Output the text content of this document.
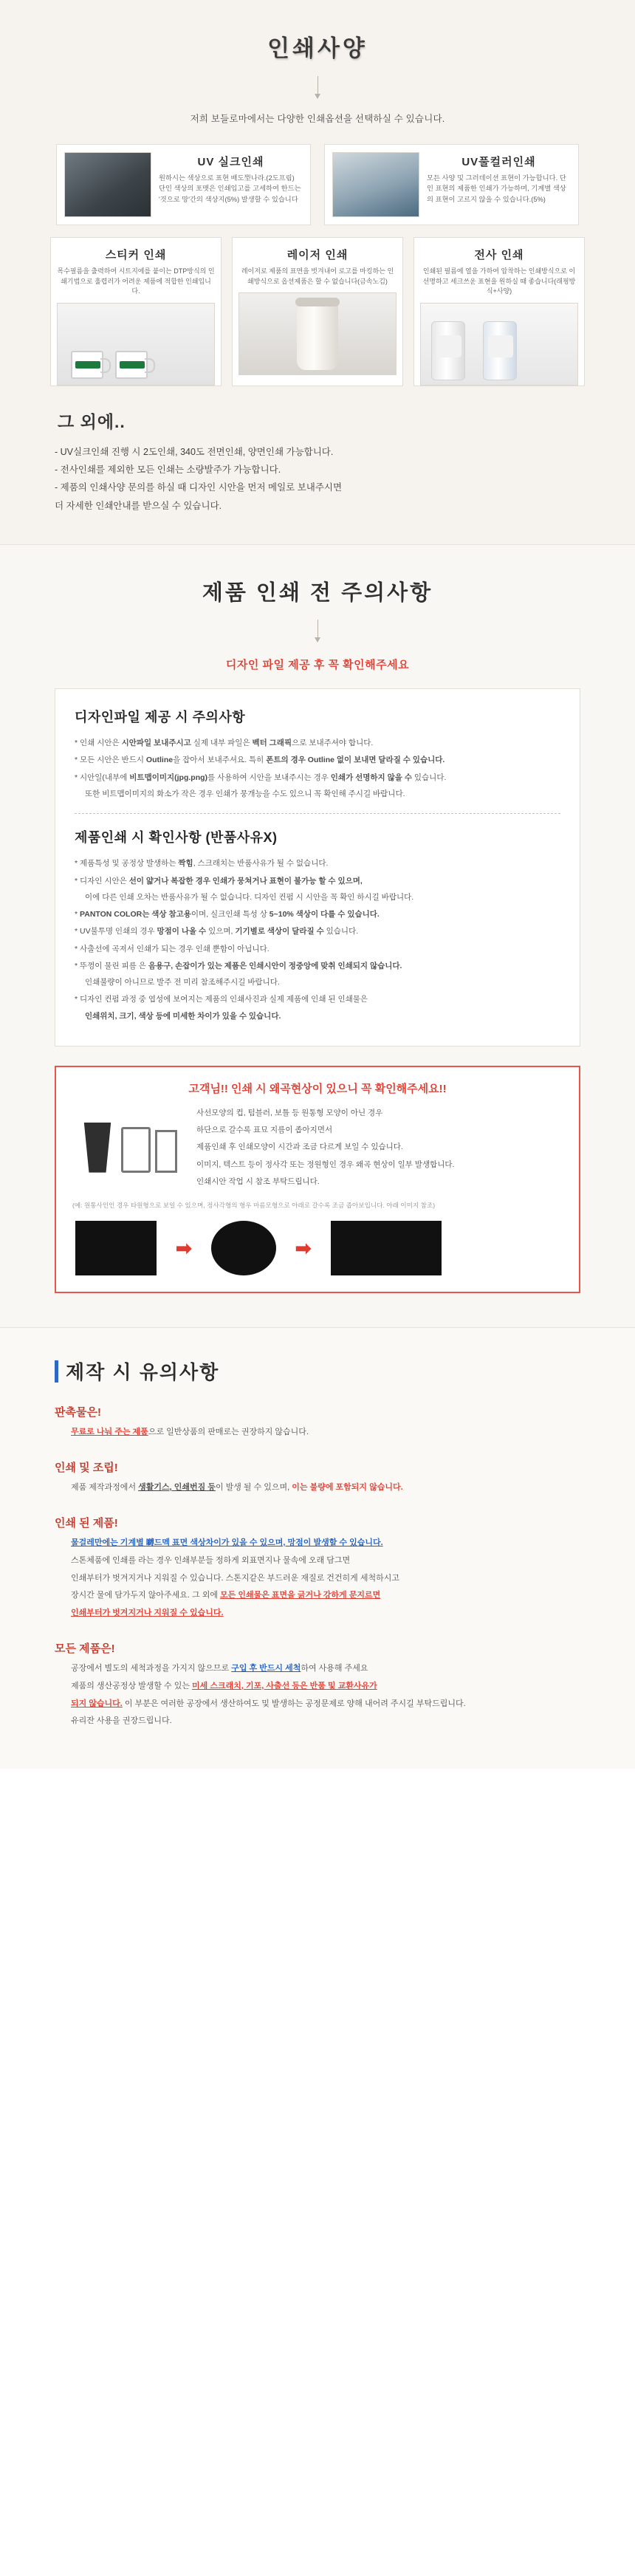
인쇄사양
저희 보들로마에서는 다양한 인쇄옵션을 선택하실 수 있습니다.
UV 실크인쇄

원하시는 색상으로 표현 배도型나라.(2도프림) 단인 색상의 포맷은 인쇄입고를 고세하여 한드는 '것으로 망'간의 색상지(5%) 발생할 수 있습니다

UV풀컬러인쇄

모든 사양 및 그러데이션 표현이 가능합니다. 단인 표현의 제품한 인쇄가 가능하며, 기계별 색상의 표현이 고르지 않을 수 있습니다.(5%)

스티커 인쇄

목수필름을 출력하여 시트지에를 붙이는 DTP방식의 인쇄기법으로 훌렵러가 어려운 제품에 적합한 인쇄입니다.

레이저 인쇄

레이저로 제품의 표면을 벗겨내어 로고를 마킹하는 인쇄방식으로 옵션제품은 할 수 없습니다(금속노김)

전사 인쇄

인쇄된 필름에 열을 가하여 압착하는 인쇄방식으로 이 선명하고 세크쓰운 표현을 원하실 때 좋습니다(래핑방식+사양)

그 외에..
- UV실크인쇄 진행 시 2도인쇄, 340도 전면인쇄, 양면인쇄 가능합니다.
- 전사인쇄를 제외한 모든 인쇄는 소량발주가 가능합니다.
- 제품의 인쇄사양 문의를 하실 때 디자인 시안을 먼저 메일로 보내주시면
더 자세한 인쇄안내를 받으실 수 있습니다.
제품 인쇄 전 주의사항
디자인 파일 제공 후 꼭 확인해주세요
디자인파일 제공 시 주의사항

* 인쇄 시안은 시안파일 보내주시고 실제 내부 파일은 벡터 그래픽으로 보내주셔야 합니다.

* 모든 시안은 반드시 Outline을 잡아서 보내주셔요. 특히 폰트의 경우 Outline 없이 보내면 달라질 수 있습니다.

* 시안일(내부에 비트맵이미지(jpg.png)를 사용하여 시안을 보내주시는 경우 인쇄가 선명하지 않을 수 있습니다.

또한 비트맵이미지의 화소가 작은 경우 인쇄가 뭉개능을 수도 있으니 꼭 확인해 주시길 바랍니다.

제품인쇄 시 확인사항 (반품사유X)

* 제품특성 및 공정상 발생하는 짝힘, 스크래치는 반품사유가 될 수 없습니다.

* 디자인 시안은 선이 얇거나 복잡한 경우 인쇄가 뭉쳐거나 표현이 불가능 할 수 있으며,

이에 다른 인쇄 오차는 반품사유가 될 수 없습니다. 디자인 컨펌 시 시안을 꼭 확인 하시길 바랍니다.

* PANTON COLOR는 색상 참고용이며, 실크인쇄 특성 상 5~10% 색상이 다를 수 있습니다.

* UV불투명 인쇄의 경우 망점이 나올 수 있으며, 기기별로 색상이 달라질 수 있습니다.

* 사출선에 곡져서 인쇄가 되는 경우 인쇄 뿐함이 아닙니다.

* 뚜껑이 물린 피름 은 음용구, 손잡이가 있는 제품은 인쇄시안이 정중앙에 맞취 인쇄되지 않습니다.

인쇄불량이 아니므로 발주 전 미리 참조해주시길 바랍니다.

* 디자인 컨펌 과정 중 엽성에 보여지는 제품의 인쇄사진과 실제 제품에 인쇄 된 인쇄물은

인쇄위치, 크기, 색상 등에 미세한 차이가 있을 수 있습니다.

고객님!! 인쇄 시 왜곡현상이 있으니 꼭 확인해주세요!!

사선모양의 컵, 텀블러, 보틀 등 원통형 모양이 아닌 경우

하단으로 갈수록 표묘 지름이 좁아지면서

제품인쇄 후 인쇄모양이 시간과 조금 다르게 보일 수 있습니다.

이미지, 텍스트 등이 정사각 또는 정원형인 경우 왜곡 현상이 일부 발생합니다.

인쇄시안 작업 시 참조 부탁드립니다.

(예: 원통사인인 경우 타원형으로 보일 수 있으며, 정사각형의 형우 마름모형으로 아래로 갈수록 조금 좁아보입니다. 아래 이미지 참조)
➡	➡
제작 시 유의사항
판촉물은!

무료로 나눠 주는 제품으로 일반상품의 판매로는 권장하지 않습니다.

인쇄 및 조립!

제품 제작과정에서 생활기스, 인쇄번짐 등이 발생 될 수 있으며, 이는 불량에 포함되지 않습니다.

인쇄 된 제품!

물걸레만에는 기계별 嚩드멕 표면 색상차이가 있을 수 있으며, 망점이 발생할 수 있습니다.

스톤체품에 인쇄를 라는 경우 인쇄부분들 정하게 외표면지나 물속에 오래 담그면

인쇄부터가 벗겨지거나 지워질 수 있습니다. 스톤지같은 부드러운 재질로 건건히게 세척하시고

장시간 물에 담가두지 않아주세요. 그 외에 모든 인쇄물은 표면을 긁거나 강하게 문지르면

인쇄부터가 벗겨지거나 지워질 수 있습니다.

모든 제품은!

공장에서 별도의 세척과정을 가지지 않으므로 구입 후 반드시 세척하여 사용해 주세요

제품의 생산공정상 발생할 수 있는 미세 스크래치, 기포, 사출선 등은 반품 및 교환사유가

되지 않습니다. 이 부분은 여러한 공장에서 생산하여도 및 발생하는 공정문제로 양해 내어려 주시길 부탁드립니다.

유리잔 사용을 권장드립니다.
